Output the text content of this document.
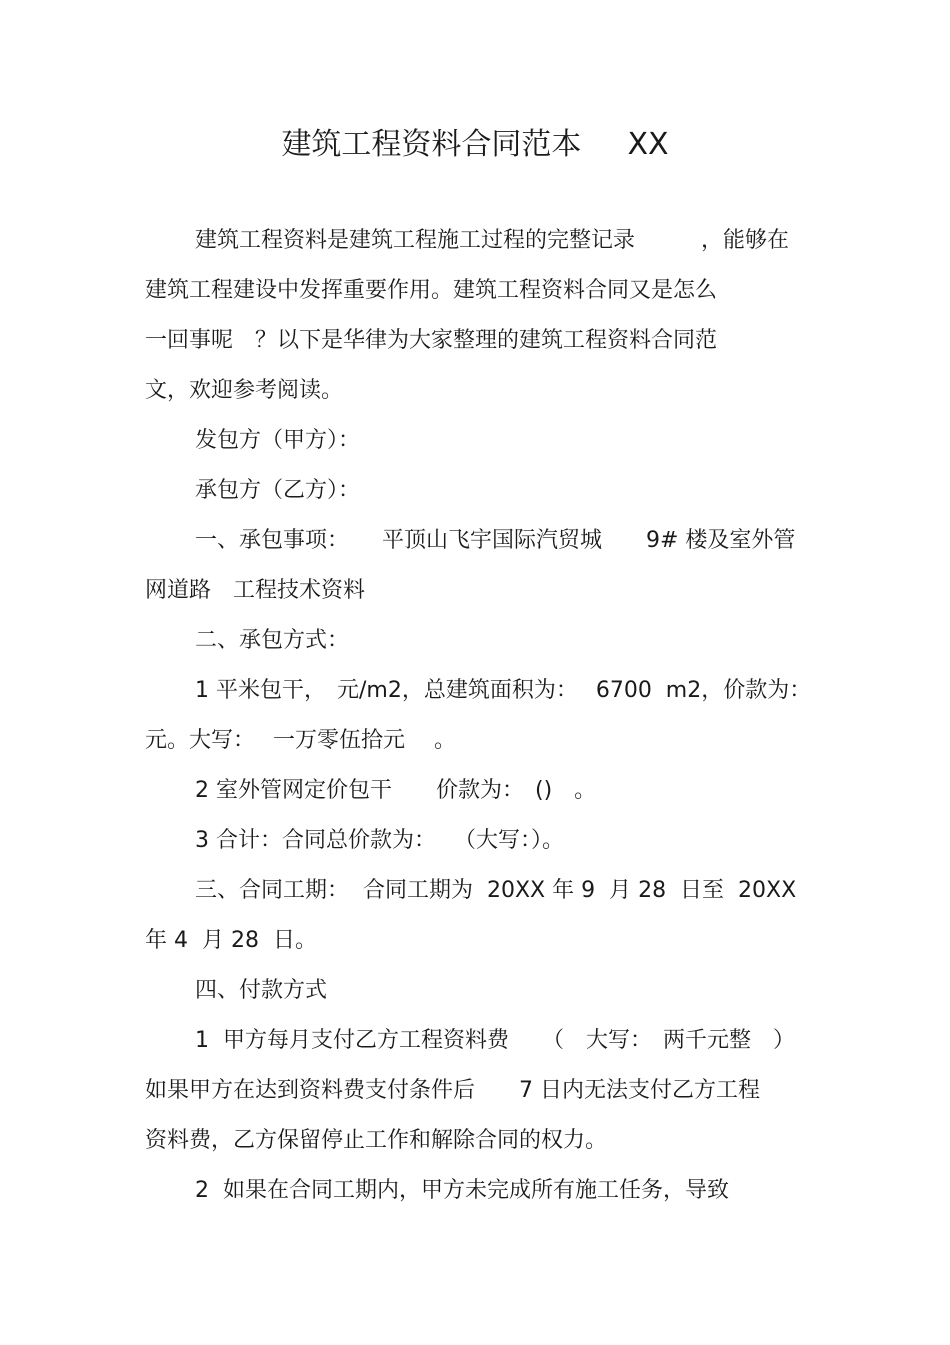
建筑工程资料合同范本 XX
建筑工程资料是建筑工程施工过程的完整记录　　　，能够在
建筑工程建设中发挥重要作用。建筑工程资料合同又是怎么
一回事呢　？以下是华律为大家整理的建筑工程资料合同范
文，欢迎参考阅读。
发包方（甲方）：
承包方（乙方）：
一、承包事项：　　平顶山飞宇国际汽贸城　　9# 楼及室外管
网道路　工程技术资料
二、承包方式：
1 平米包干，　元/m2，总建筑面积为：　 6700  m2，价款为：
元。大写：　 一万零伍拾元　 。
2 室外管网定价包干　　价款为：　()　。
3 合计：合同总价款为：　 （大写：）。
三、合同工期：  合同工期为  20XX 年 9  月 28  日至  20XX
年 4  月 28  日。
四、付款方式
1  甲方每月支付乙方工程资料费　　（　大写：　两千元整　）
如果甲方在达到资料费支付条件后　　7 日内无法支付乙方工程
资料费，乙方保留停止工作和解除合同的权力。
2  如果在合同工期内，甲方未完成所有施工任务，导致
